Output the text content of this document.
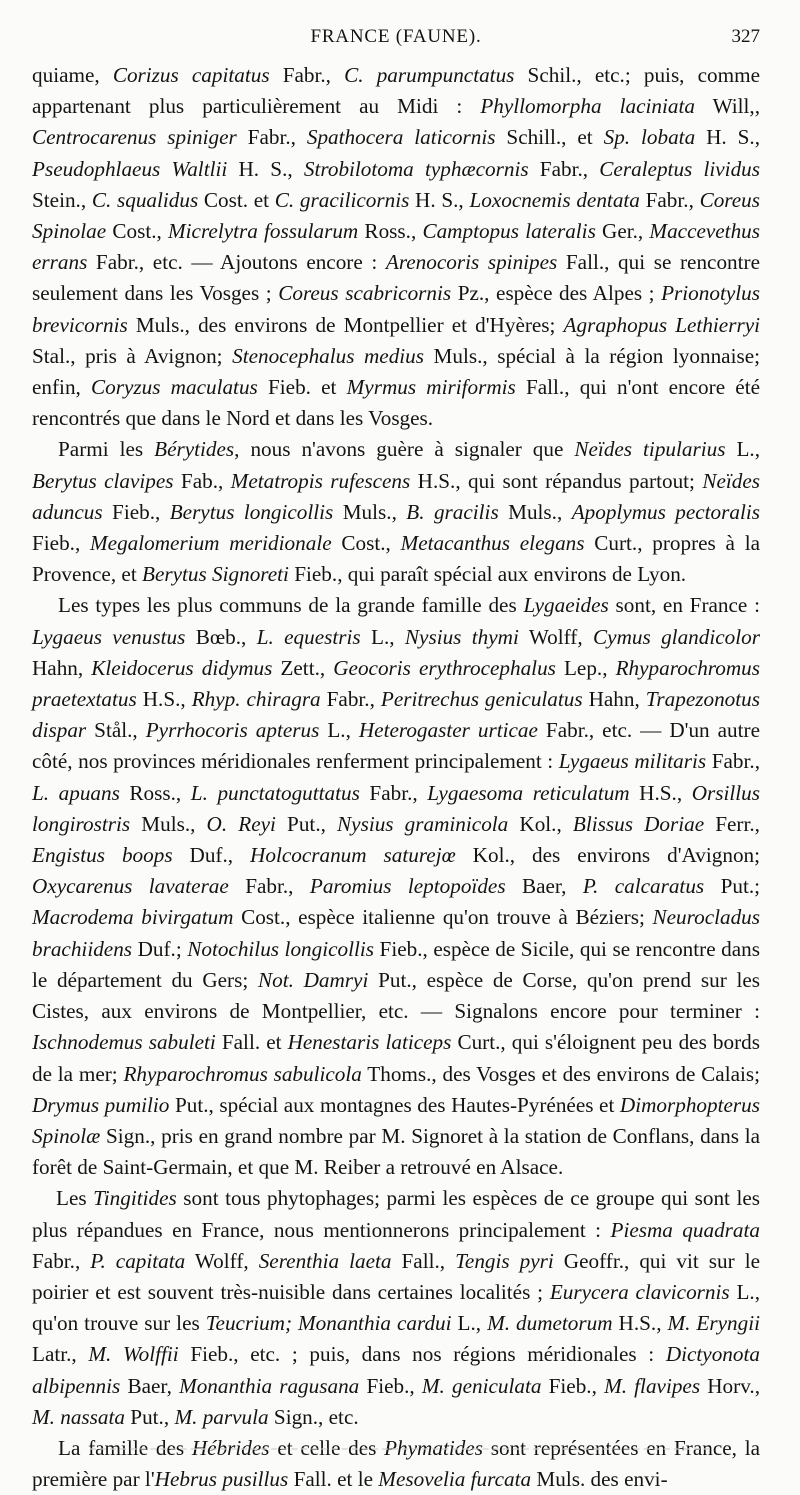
FRANCE (FAUNE).	327

quiame, Corizus capitatus Fabr., C. parumpunctatus Schil., etc.; puis, comme appartenant plus particulièrement au Midi : Phyllomorpha laciniata Will,, Centrocarenus spiniger Fabr., Spathocera laticornis Schill., et Sp. lobata H. S., Pseudophlaeus Waltlii H. S., Strobilotoma typhæcornis Fabr., Ceraleptus lividus Stein., C. squalidus Cost. et C. gracilicornis H. S., Loxocnemis dentata Fabr., Coreus Spinolae Cost., Micrelytra fossularum Ross., Camptopus lateralis Ger., Maccevethus errans Fabr., etc. — Ajoutons encore : Arenocoris spinipes Fall., qui se rencontre seulement dans les Vosges ; Coreus scabricornis Pz., espèce des Alpes ; Prionotylus brevicornis Muls., des environs de Montpellier et d'Hyères; Agraphopus Lethierryi Stal., pris à Avignon; Stenocephalus medius Muls., spécial à la région lyonnaise; enfin, Coryzus maculatus Fieb. et Myrmus miriformis Fall., qui n'ont encore été rencontrés que dans le Nord et dans les Vosges.

Parmi les Bérytides, nous n'avons guère à signaler que Neïdes tipularius L., Berytus clavipes Fab., Metatropis rufescens H.S., qui sont répandus partout; Neïdes aduncus Fieb., Berytus longicollis Muls., B. gracilis Muls., Apoplymus pectoralis Fieb., Megalomerium meridionale Cost., Metacanthus elegans Curt., propres à la Provence, et Berytus Signoreti Fieb., qui paraît spécial aux environs de Lyon.

Les types les plus communs de la grande famille des Lygaeides sont, en France : Lygaeus venustus Bœb., L. equestris L., Nysius thymi Wolff, Cymus glandicolor Hahn, Kleidocerus didymus Zett., Geocoris erythrocephalus Lep., Rhyparochromus praetextatus H.S., Rhyp. chiragra Fabr., Peritrechus geniculatus Hahn, Trapezonotus dispar Stål., Pyrrhocoris apterus L., Heterogaster urticae Fabr., etc. — D'un autre côté, nos provinces méridionales renferment principalement : Lygaeus militaris Fabr., L. apuans Ross., L. punctatoguttatus Fabr., Lygaesoma reticulatum H.S., Orsillus longirostris Muls., O. Reyi Put., Nysius graminicola Kol., Blissus Doriae Ferr., Engistus boops Duf., Holcocranum saturejœ Kol., des environs d'Avignon; Oxycarenus lavaterae Fabr., Paromius leptopoïdes Baer, P. calcaratus Put.; Macrodema bivirgatum Cost., espèce italienne qu'on trouve à Béziers; Neurocladus brachiidens Duf.; Notochilus longicollis Fieb., espèce de Sicile, qui se rencontre dans le département du Gers; Not. Damryi Put., espèce de Corse, qu'on prend sur les Cistes, aux environs de Montpellier, etc. — Signalons encore pour terminer : Ischnodemus sabuleti Fall. et Henestaris laticeps Curt., qui s'éloignent peu des bords de la mer; Rhyparochromus sabulicola Thoms., des Vosges et des environs de Calais; Drymus pumilio Put., spécial aux montagnes des Hautes-Pyrénées et Dimorphopterus Spinolæ Sign., pris en grand nombre par M. Signoret à la station de Conflans, dans la forêt de Saint-Germain, et que M. Reiber a retrouvé en Alsace.

Les Tingitides sont tous phytophages; parmi les espèces de ce groupe qui sont les plus répandues en France, nous mentionnerons principalement : Piesma quadrata Fabr., P. capitata Wolff, Serenthia laeta Fall., Tengis pyri Geoffr., qui vit sur le poirier et est souvent très-nuisible dans certaines localités ; Eurycera clavicornis L., qu'on trouve sur les Teucrium; Monanthia cardui L., M. dumetorum H.S., M. Eryngii Latr., M. Wolffii Fieb., etc. ; puis, dans nos régions méridionales : Dictyonota albipennis Baer, Monanthia ragusana Fieb., M. geniculata Fieb., M. flavipes Horv., M. nassata Put., M. parvula Sign., etc.

La famille des Hébrides et celle des Phymatides sont représentées en France, la première par l'Hebrus pusillus Fall. et le Mesovelia furcata Muls. des envi-
